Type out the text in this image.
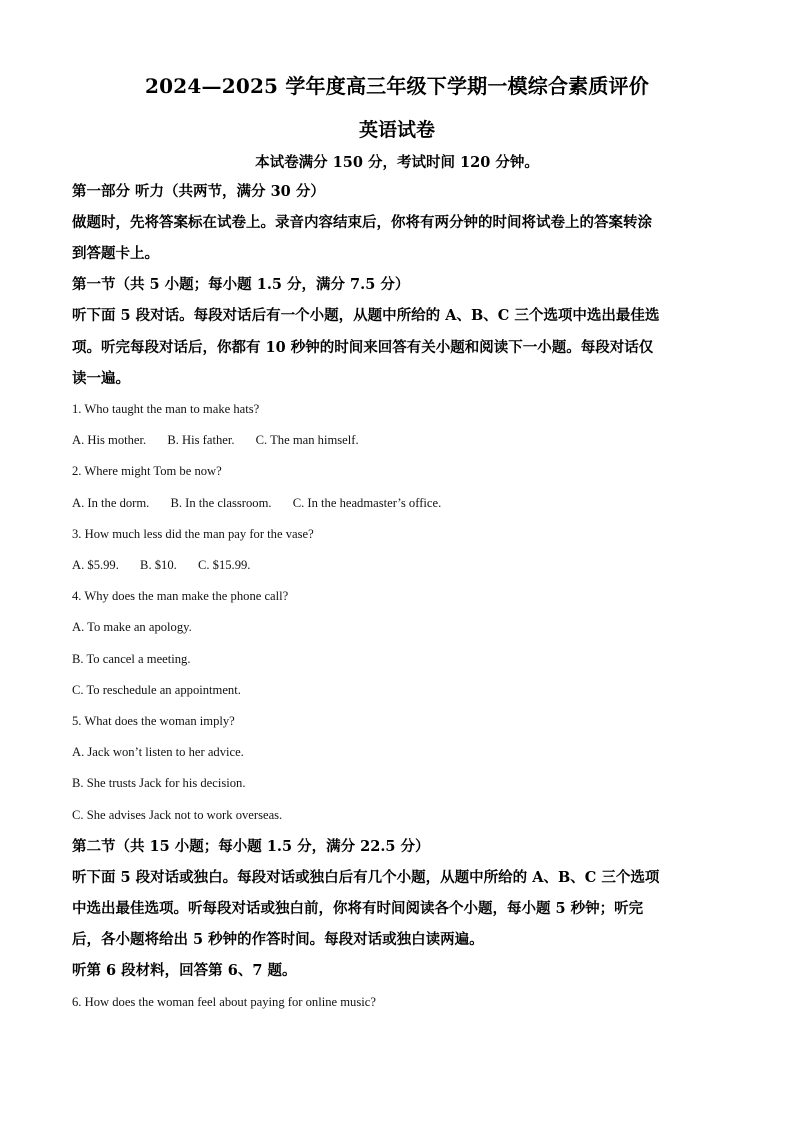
2024—2025 学年度高三年级下学期一模综合素质评价
英语试卷
本试卷满分 150 分，考试时间 120 分钟。
第一部分 听力（共两节，满分 30 分）
做题时，先将答案标在试卷上。录音内容结束后，你将有两分钟的时间将试卷上的答案转涂
到答题卡上。
第一节（共 5 小题；每小题 1.5 分，满分 7.5 分）
听下面 5 段对话。每段对话后有一个小题，从题中所给的 A、B、C 三个选项中选出最佳选
项。听完每段对话后，你都有 10 秒钟的时间来回答有关小题和阅读下一小题。每段对话仅
读一遍。
1. Who taught the man to make hats?
A. His mother. B. His father. C. The man himself.
2. Where might Tom be now?
A. In the dorm. B. In the classroom. C. In the headmaster’s office.
3. How much less did the man pay for the vase?
A. $5.99. B. $10. C. $15.99.
4. Why does the man make the phone call?
A. To make an apology.
B. To cancel a meeting.
C. To reschedule an appointment.
5. What does the woman imply?
A. Jack won’t listen to her advice.
B. She trusts Jack for his decision.
C. She advises Jack not to work overseas.
第二节（共 15 小题；每小题 1.5 分，满分 22.5 分）
听下面 5 段对话或独白。每段对话或独白后有几个小题，从题中所给的 A、B、C 三个选项
中选出最佳选项。听每段对话或独白前，你将有时间阅读各个小题，每小题 5 秒钟；听完
后，各小题将给出 5 秒钟的作答时间。每段对话或独白读两遍。
听第 6 段材料，回答第 6、7 题。
6. How does the woman feel about paying for online music?
